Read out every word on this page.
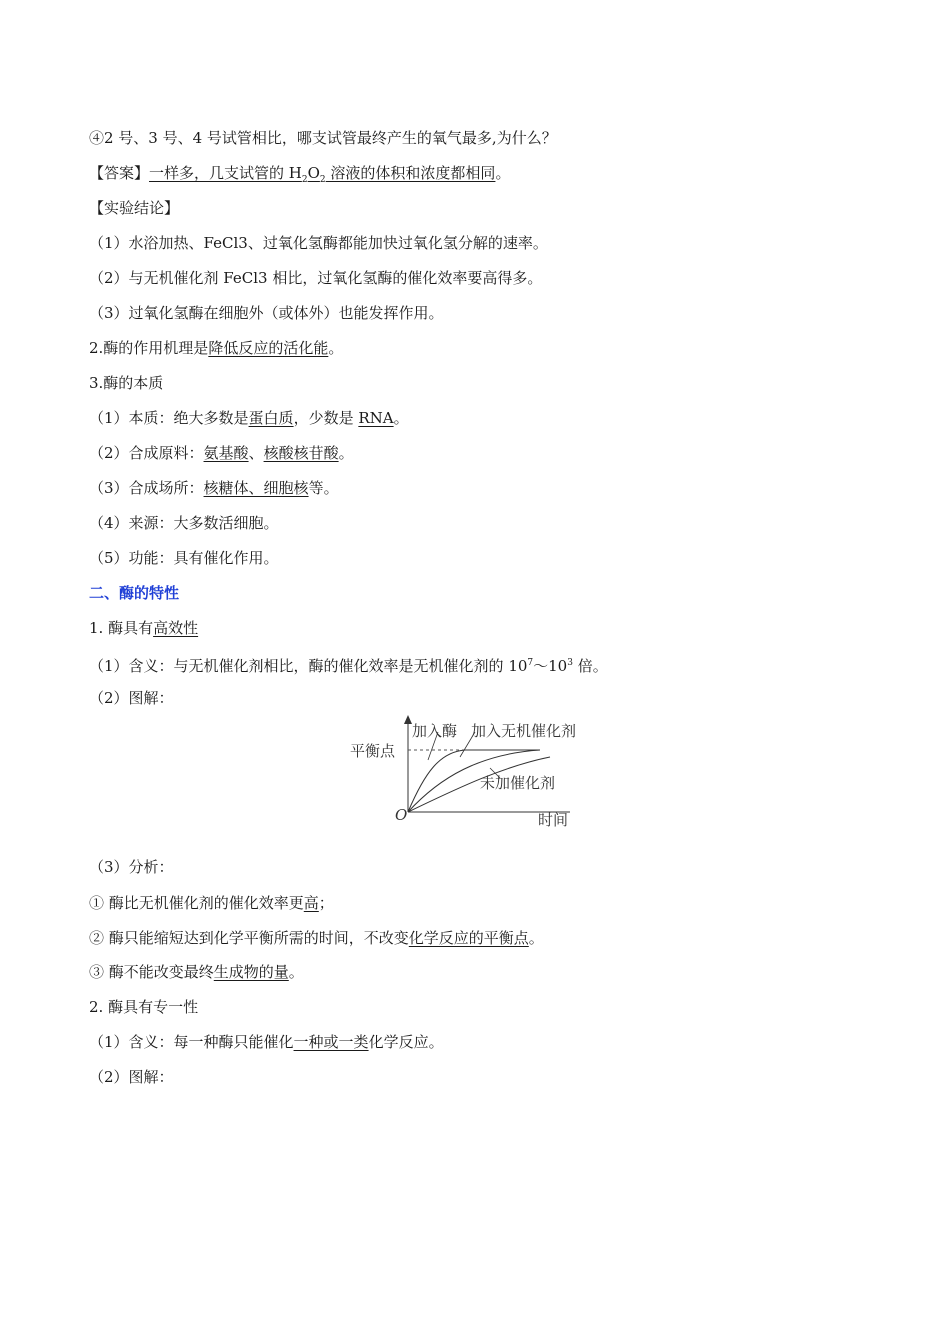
④2 号、3 号、4 号试管相比，哪支试管最终产生的氧气最多,为什么？
【答案】一样多，几支试管的 $H_2O_2$ 溶液的体积和浓度都相同。
【实验结论】
（1）水浴加热、FeCl3、过氧化氢酶都能加快过氧化氢分解的速率。
（2）与无机催化剂 FeCl3 相比，过氧化氢酶的催化效率要高得多。
（3）过氧化氢酶在细胞外（或体外）也能发挥作用。
2.酶的作用机理是降低反应的活化能。
3.酶的本质
（1）本质：绝大多数是蛋白质，少数是 RNA。
（2）合成原料：氨基酸、核酸核苷酸。
（3）合成场所：核糖体、细胞核等。
（4）来源：大多数活细胞。
（5）功能：具有催化作用。
二、酶的特性
1. 酶具有高效性
（1）含义：与无机催化剂相比，酶的催化效率是无机催化剂的 $10^7\sim 10^3$ 倍。
（2）图解：
加入酶 加入无机催化剂
未加催化剂
平衡点
O	时间
（3）分析：
① 酶比无机催化剂的催化效率更高；
② 酶只能缩短达到化学平衡所需的时间，不改变化学反应的平衡点。
③ 酶不能改变最终生成物的量。
2. 酶具有专一性
（1）含义：每一种酶只能催化一种或一类化学反应。
（2）图解：
